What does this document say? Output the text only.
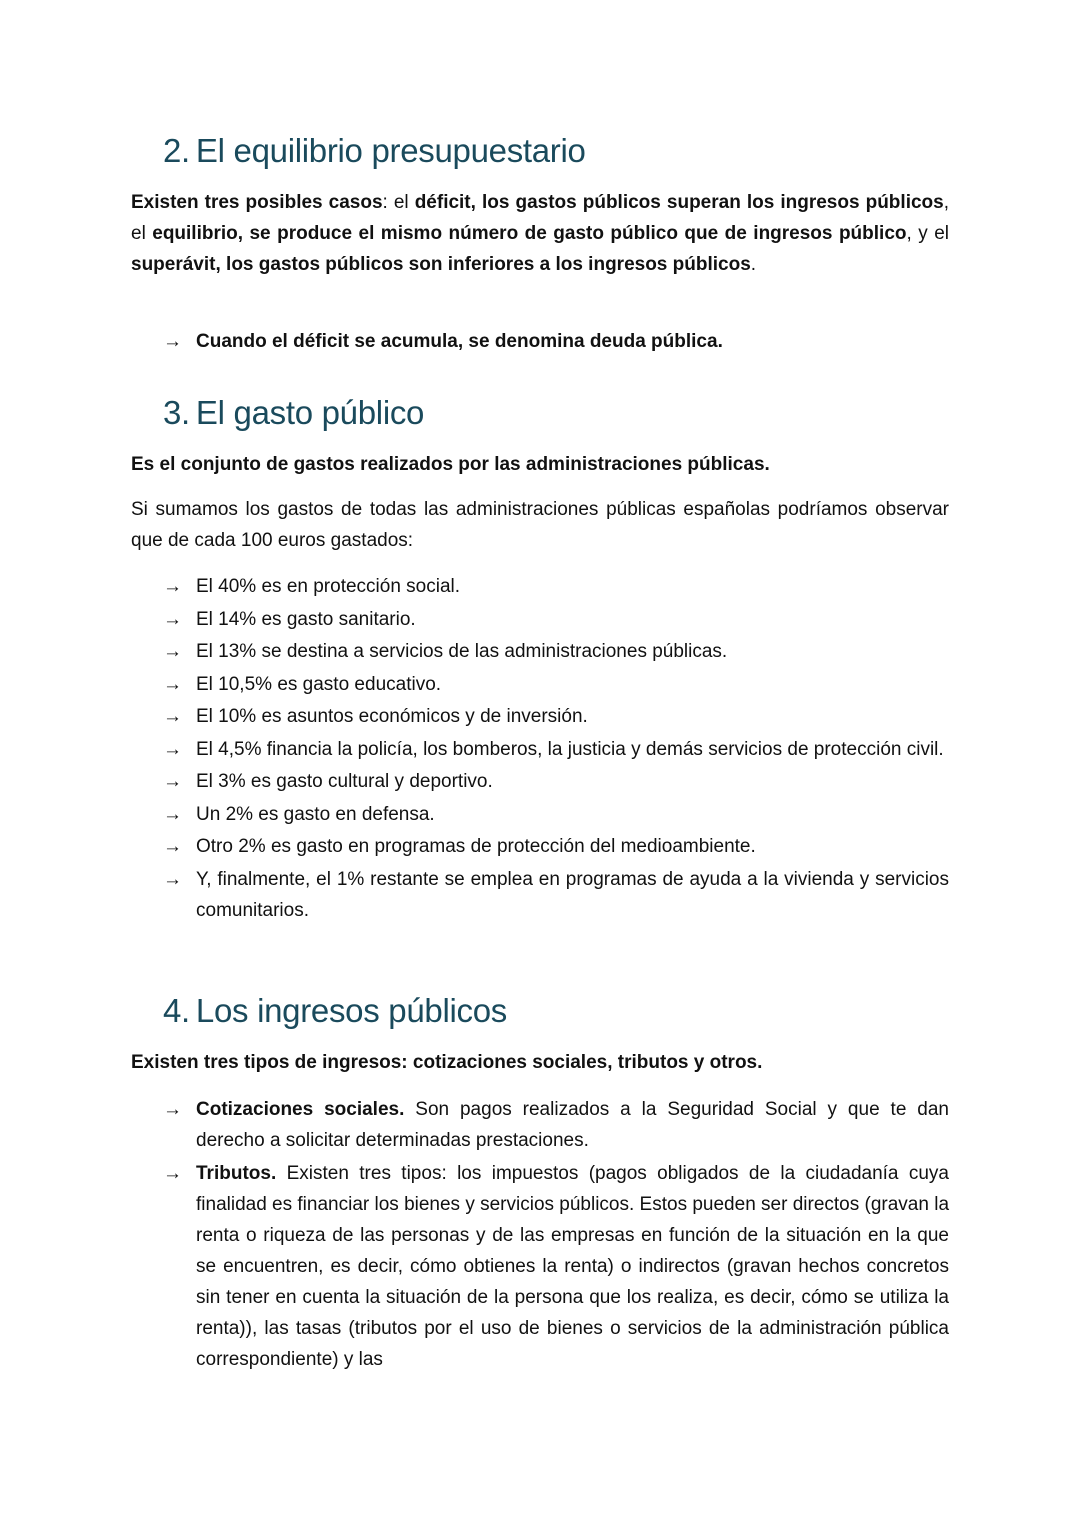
2. El equilibrio presupuestario

Existen tres posibles casos: el déficit, los gastos públicos superan los ingresos públicos, el equilibrio, se produce el mismo número de gasto público que de ingresos público, y el superávit, los gastos públicos son inferiores a los ingresos públicos.

→ Cuando el déficit se acumula, se denomina deuda pública.
3. El gasto público

Es el conjunto de gastos realizados por las administraciones públicas.

Si sumamos los gastos de todas las administraciones públicas españolas podríamos observar que de cada 100 euros gastados:

→ El 40% es en protección social.
→ El 14% es gasto sanitario.
→ El 13% se destina a servicios de las administraciones públicas.
→ El 10,5% es gasto educativo.
→ El 10% es asuntos económicos y de inversión.
→ El 4,5% financia la policía, los bomberos, la justicia y demás servicios de protección civil.
→ El 3% es gasto cultural y deportivo.
→ Un 2% es gasto en defensa.
→ Otro 2% es gasto en programas de protección del medioambiente.
→ Y, finalmente, el 1% restante se emplea en programas de ayuda a la vivienda y servicios comunitarios.
4. Los ingresos públicos

Existen tres tipos de ingresos: cotizaciones sociales, tributos y otros.

→ Cotizaciones sociales. Son pagos realizados a la Seguridad Social y que te dan derecho a solicitar determinadas prestaciones.
→ Tributos. Existen tres tipos: los impuestos (pagos obligados de la ciudadanía cuya finalidad es financiar los bienes y servicios públicos. Estos pueden ser directos (gravan la renta o riqueza de las personas y de las empresas en función de la situación en la que se encuentren, es decir, cómo obtienes la renta) o indirectos (gravan hechos concretos sin tener en cuenta la situación de la persona que los realiza, es decir, cómo se utiliza la renta)), las tasas (tributos por el uso de bienes o servicios de la administración pública correspondiente) y las
